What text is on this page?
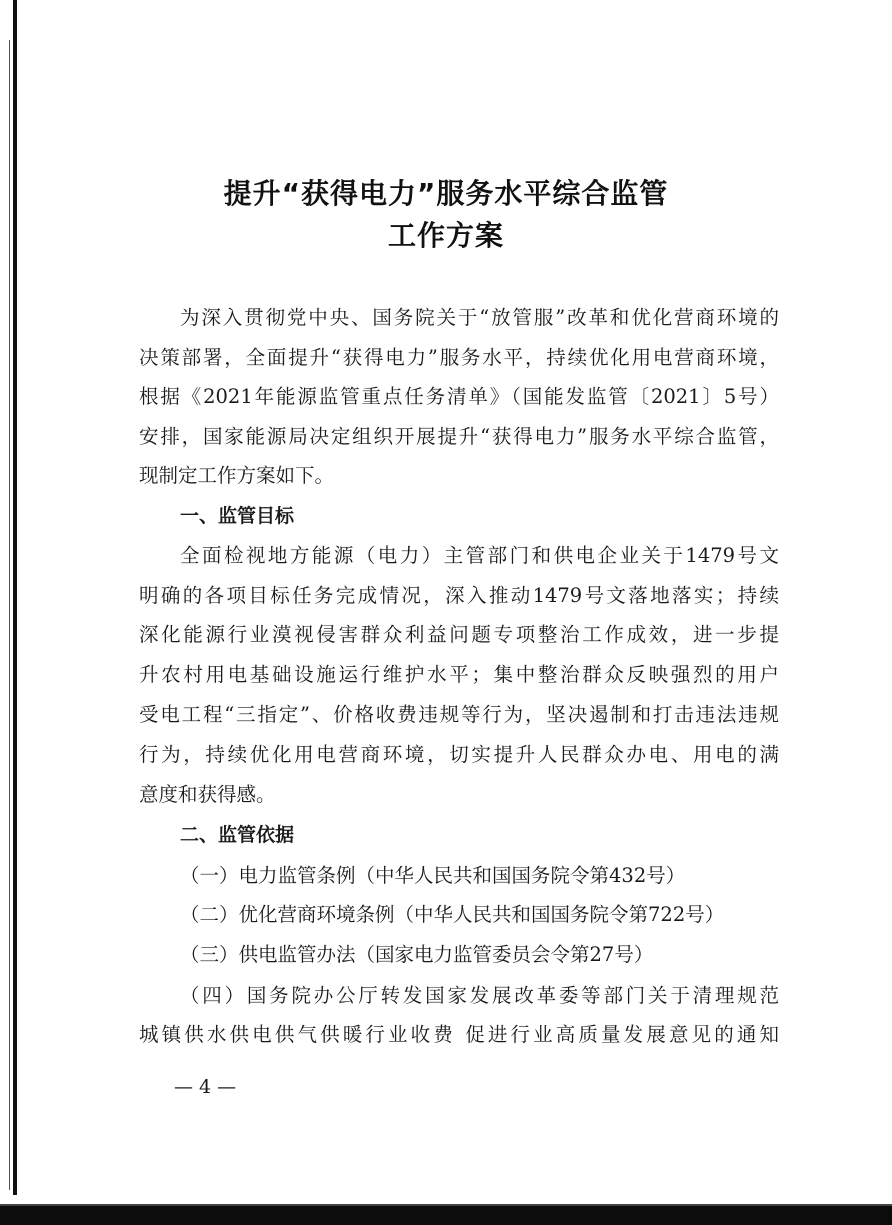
提升“获得电力”服务水平综合监管
工作方案
为深入贯彻党中央、国务院关于“放管服”改革和优化营商环境的
决策部署，全面提升“获得电力”服务水平，持续优化用电营商环境，
根据《2021年能源监管重点任务清单》（国能发监管〔2021〕5号）
安排，国家能源局决定组织开展提升“获得电力”服务水平综合监管，
现制定工作方案如下。
一、监管目标
全面检视地方能源（电力）主管部门和供电企业关于1479号文
明确的各项目标任务完成情况，深入推动1479号文落地落实；持续
深化能源行业漠视侵害群众利益问题专项整治工作成效，进一步提
升农村用电基础设施运行维护水平；集中整治群众反映强烈的用户
受电工程“三指定”、价格收费违规等行为，坚决遏制和打击违法违规
行为，持续优化用电营商环境，切实提升人民群众办电、用电的满
意度和获得感。
二、监管依据
（一）电力监管条例（中华人民共和国国务院令第432号）
（二）优化营商环境条例（中华人民共和国国务院令第722号）
（三）供电监管办法（国家电力监管委员会令第27号）
（四）国务院办公厅转发国家发展改革委等部门关于清理规范
城镇供水供电供气供暖行业收费 促进行业高质量发展意见的通知
— 4 —
